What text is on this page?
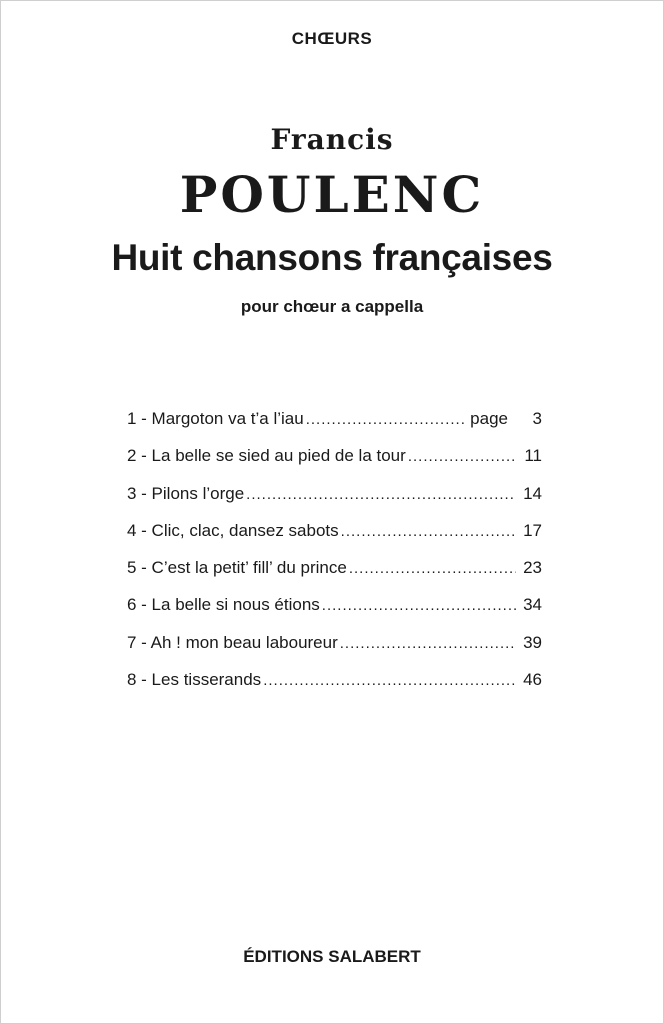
CHŒURS
Francis
POULENC
Huit chansons françaises
pour chœur a cappella
1 - Margoton va t’a l’iau .....	page	3
2 - La belle se sied au pied de la tour .....	11
3 - Pilons l’orge .....	14
4 - Clic, clac, dansez sabots .....	17
5 - C’est la petit’ fill’ du prince .....	23
6 - La belle si nous étions .....	34
7 - Ah ! mon beau laboureur .....	39
8 - Les tisserands .....	46
ÉDITIONS SALABERT
